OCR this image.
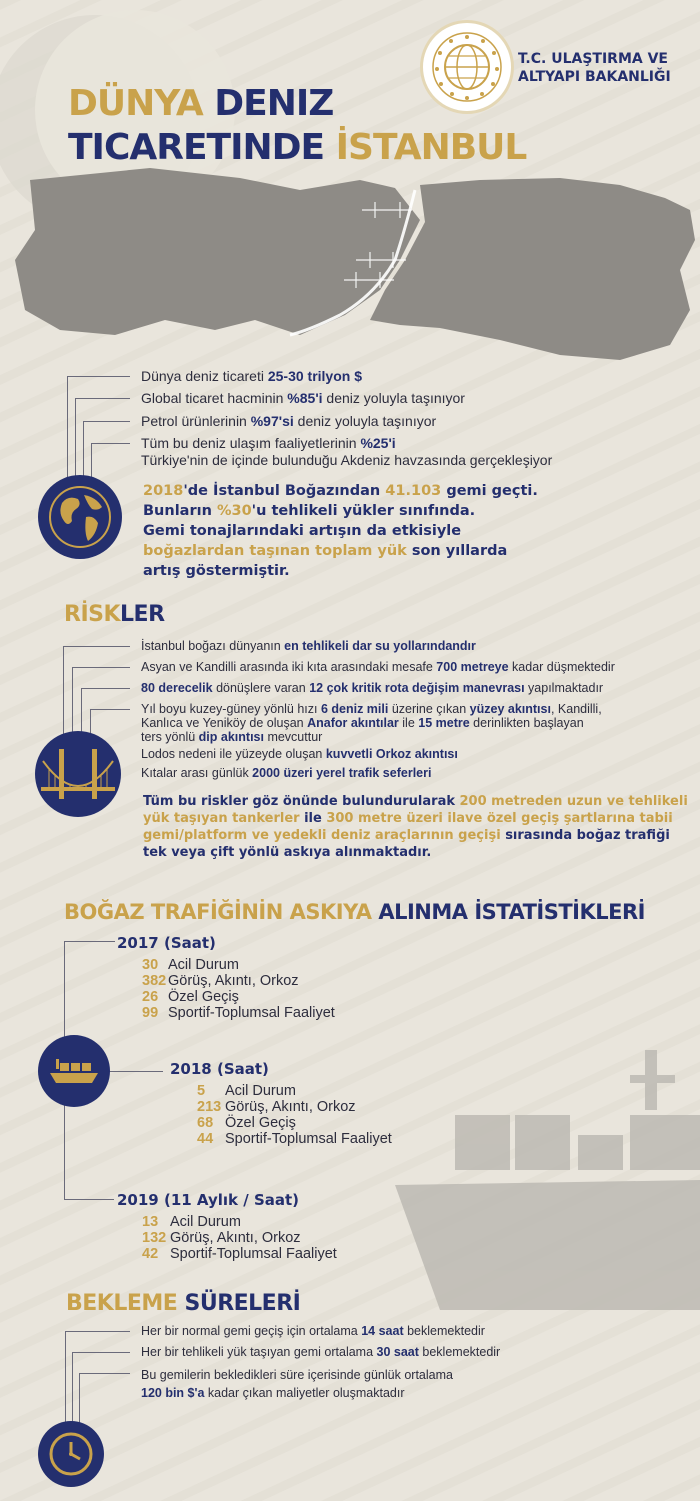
T.C. ULAŞTIRMA VE
ALTYAPI BAKANLIĞI
DÜNYA DENIZ
TICARETINDE İSTANBUL
Dünya deniz ticareti 25-30 trilyon $
Global ticaret hacminin %85'i deniz yoluyla taşınıyor
Petrol ürünlerinin %97'si deniz yoluyla taşınıyor
Tüm bu deniz ulaşım faaliyetlerinin %25'i
Türkiye'nin de içinde bulunduğu Akdeniz havzasında gerçekleşiyor
2018'de İstanbul Boğazından 41.103 gemi geçti.
Bunların %30'u tehlikeli yükler sınıfında.
Gemi tonajlarındaki artışın da etkisiyle
boğazlardan taşınan toplam yük son yıllarda
artış göstermiştir.
RİSKLER
İstanbul boğazı dünyanın en tehlikeli dar su yollarındandır
Asyan ve Kandilli arasında iki kıta arasındaki mesafe 700 metreye kadar düşmektedir
80 derecelik dönüşlere varan 12 çok kritik rota değişim manevrası yapılmaktadır
Yıl boyu kuzey-güney yönlü hızı 6 deniz mili üzerine çıkan yüzey akıntısı, Kandilli,
Kanlıca ve Yeniköy de oluşan Anafor akıntılar ile 15 metre derinlikten başlayan
ters yönlü dip akıntısı mevcuttur
Lodos nedeni ile yüzeyde oluşan kuvvetli Orkoz akıntısı
Kıtalar arası günlük 2000 üzeri yerel trafik seferleri
Tüm bu riskler göz önünde bulundurularak 200 metreden uzun ve tehlikeli
yük taşıyan tankerler ile 300 metre üzeri ilave özel geçiş şartlarına tabii
gemi/platform ve yedekli deniz araçlarının geçişi sırasında boğaz trafiği
tek veya çift yönlü askıya alınmaktadır.
BOĞAZ TRAFİĞİNİN ASKIYA ALINMA İSTATİSTİKLERİ
2017 (Saat)
30 Acil Durum
382 Görüş, Akıntı, Orkoz
26 Özel Geçiş
99 Sportif-Toplumsal Faaliyet
2018 (Saat)
5 Acil Durum
213 Görüş, Akıntı, Orkoz
68 Özel Geçiş
44 Sportif-Toplumsal Faaliyet
2019 (11 Aylık / Saat)
13 Acil Durum
132 Görüş, Akıntı, Orkoz
42 Sportif-Toplumsal Faaliyet
BEKLEME SÜRELERİ
Her bir normal gemi geçiş için ortalama 14 saat beklemektedir
Her bir tehlikeli yük taşıyan gemi ortalama 30 saat beklemektedir
Bu gemilerin bekledikleri süre içerisinde günlük ortalama
120 bin $'a kadar çıkan maliyetler oluşmaktadır
